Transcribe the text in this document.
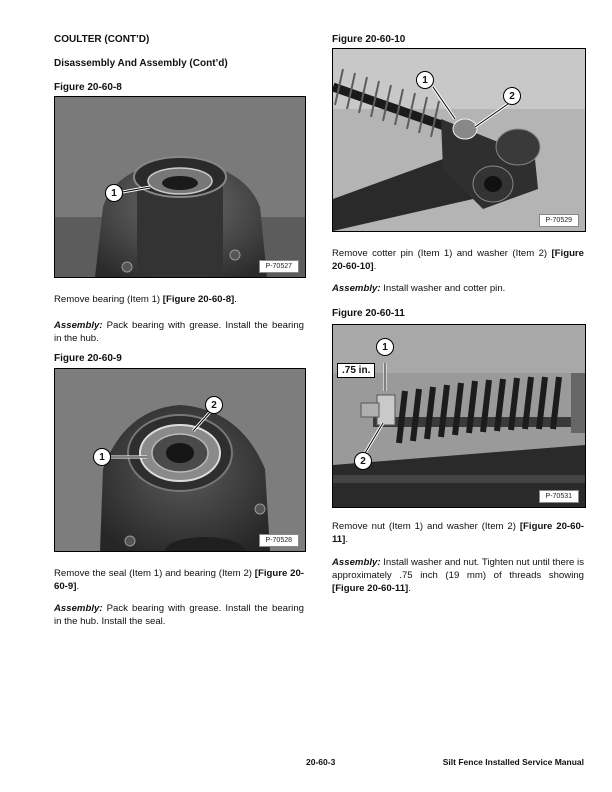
COULTER (CONT’D)
Disassembly And Assembly (Cont’d)
Figure 20-60-8
1
P-70527
Remove bearing (Item 1) [Figure 20-60-8].
Assembly: Pack bearing with grease. Install the bearing in the hub.
Figure 20-60-9
1
2
P-70528
Remove the seal (Item 1) and bearing (Item 2) [Figure 20-60-9].
Assembly: Pack bearing with grease. Install the bearing in the hub. Install the seal.
Figure 20-60-10
1
2
P-70529
Remove cotter pin (Item 1) and washer (Item 2) [Figure 20-60-10].
Assembly: Install washer and cotter pin.
Figure 20-60-11
1
.75 in.
2
P-70531
Remove nut (Item 1) and washer (Item 2) [Figure 20-60-11].
Assembly: Install washer and nut. Tighten nut until there is approximately .75 inch (19 mm) of threads showing [Figure 20-60-11].
20-60-3	Silt Fence Installed Service Manual
